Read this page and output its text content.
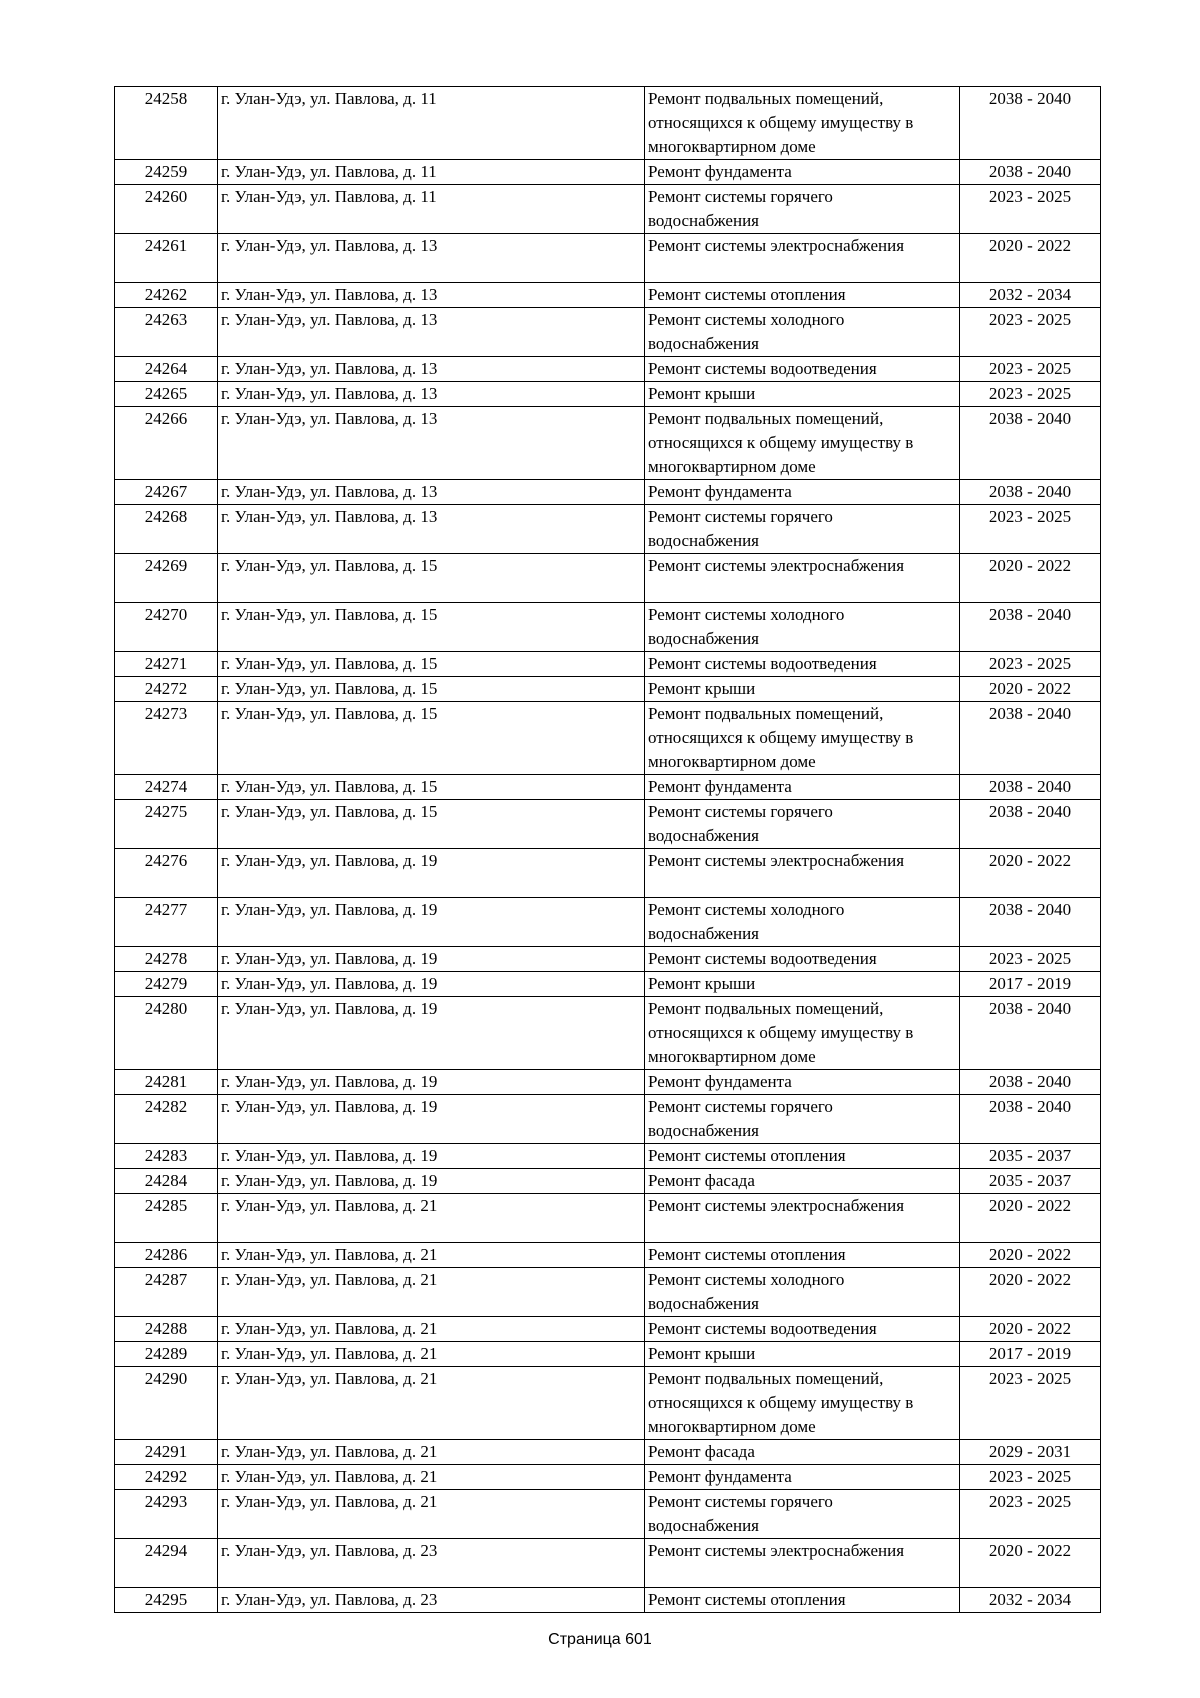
24258	г. Улан-Удэ, ул. Павлова, д. 11	Ремонт подвальных помещений,
относящихся к общему имуществу в
многоквартирном доме	2038 - 2040
24259	г. Улан-Удэ, ул. Павлова, д. 11	Ремонт фундамента	2038 - 2040
24260	г. Улан-Удэ, ул. Павлова, д. 11	Ремонт системы горячего
водоснабжения	2023 - 2025
24261	г. Улан-Удэ, ул. Павлова, д. 13	Ремонт системы электроснабжения	2020 - 2022
24262	г. Улан-Удэ, ул. Павлова, д. 13	Ремонт системы отопления	2032 - 2034
24263	г. Улан-Удэ, ул. Павлова, д. 13	Ремонт системы холодного
водоснабжения	2023 - 2025
24264	г. Улан-Удэ, ул. Павлова, д. 13	Ремонт системы водоотведения	2023 - 2025
24265	г. Улан-Удэ, ул. Павлова, д. 13	Ремонт крыши	2023 - 2025
24266	г. Улан-Удэ, ул. Павлова, д. 13	Ремонт подвальных помещений,
относящихся к общему имуществу в
многоквартирном доме	2038 - 2040
24267	г. Улан-Удэ, ул. Павлова, д. 13	Ремонт фундамента	2038 - 2040
24268	г. Улан-Удэ, ул. Павлова, д. 13	Ремонт системы горячего
водоснабжения	2023 - 2025
24269	г. Улан-Удэ, ул. Павлова, д. 15	Ремонт системы электроснабжения	2020 - 2022
24270	г. Улан-Удэ, ул. Павлова, д. 15	Ремонт системы холодного
водоснабжения	2038 - 2040
24271	г. Улан-Удэ, ул. Павлова, д. 15	Ремонт системы водоотведения	2023 - 2025
24272	г. Улан-Удэ, ул. Павлова, д. 15	Ремонт крыши	2020 - 2022
24273	г. Улан-Удэ, ул. Павлова, д. 15	Ремонт подвальных помещений,
относящихся к общему имуществу в
многоквартирном доме	2038 - 2040
24274	г. Улан-Удэ, ул. Павлова, д. 15	Ремонт фундамента	2038 - 2040
24275	г. Улан-Удэ, ул. Павлова, д. 15	Ремонт системы горячего
водоснабжения	2038 - 2040
24276	г. Улан-Удэ, ул. Павлова, д. 19	Ремонт системы электроснабжения	2020 - 2022
24277	г. Улан-Удэ, ул. Павлова, д. 19	Ремонт системы холодного
водоснабжения	2038 - 2040
24278	г. Улан-Удэ, ул. Павлова, д. 19	Ремонт системы водоотведения	2023 - 2025
24279	г. Улан-Удэ, ул. Павлова, д. 19	Ремонт крыши	2017 - 2019
24280	г. Улан-Удэ, ул. Павлова, д. 19	Ремонт подвальных помещений,
относящихся к общему имуществу в
многоквартирном доме	2038 - 2040
24281	г. Улан-Удэ, ул. Павлова, д. 19	Ремонт фундамента	2038 - 2040
24282	г. Улан-Удэ, ул. Павлова, д. 19	Ремонт системы горячего
водоснабжения	2038 - 2040
24283	г. Улан-Удэ, ул. Павлова, д. 19	Ремонт системы отопления	2035 - 2037
24284	г. Улан-Удэ, ул. Павлова, д. 19	Ремонт фасада	2035 - 2037
24285	г. Улан-Удэ, ул. Павлова, д. 21	Ремонт системы электроснабжения	2020 - 2022
24286	г. Улан-Удэ, ул. Павлова, д. 21	Ремонт системы отопления	2020 - 2022
24287	г. Улан-Удэ, ул. Павлова, д. 21	Ремонт системы холодного
водоснабжения	2020 - 2022
24288	г. Улан-Удэ, ул. Павлова, д. 21	Ремонт системы водоотведения	2020 - 2022
24289	г. Улан-Удэ, ул. Павлова, д. 21	Ремонт крыши	2017 - 2019
24290	г. Улан-Удэ, ул. Павлова, д. 21	Ремонт подвальных помещений,
относящихся к общему имуществу в
многоквартирном доме	2023 - 2025
24291	г. Улан-Удэ, ул. Павлова, д. 21	Ремонт фасада	2029 - 2031
24292	г. Улан-Удэ, ул. Павлова, д. 21	Ремонт фундамента	2023 - 2025
24293	г. Улан-Удэ, ул. Павлова, д. 21	Ремонт системы горячего
водоснабжения	2023 - 2025
24294	г. Улан-Удэ, ул. Павлова, д. 23	Ремонт системы электроснабжения	2020 - 2022
24295	г. Улан-Удэ, ул. Павлова, д. 23	Ремонт системы отопления	2032 - 2034
Страница 601
